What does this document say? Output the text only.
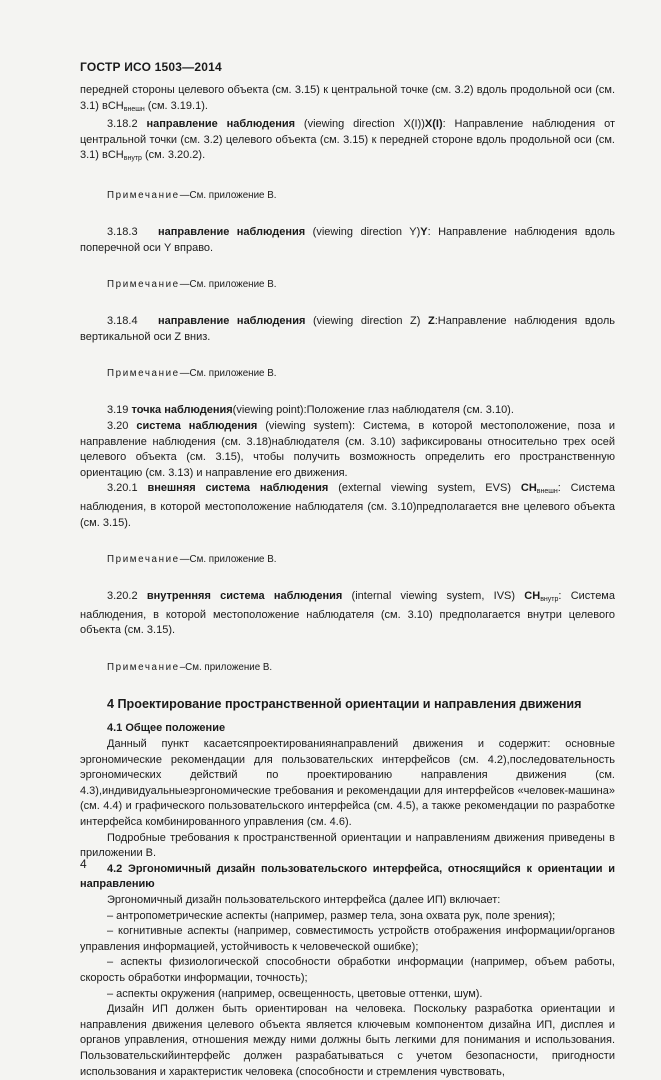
ГОСТР ИСО 1503—2014

передней стороны целевого объекта (см. 3.15) к центральной точке (см. 3.2) вдоль продольной оси (см. 3.1) вСН$_{внешн}$ (см. 3.19.1).

3.18.2 направление наблюдения (viewing direction X(I))X(I): Направление наблюдения от центральной точки (см. 3.2) целевого объекта (см. 3.15) к передней стороне вдоль продольной оси (см. 3.1) вСН$_{внутр}$ (см. 3.20.2).

Примечание—См. приложение В.

3.18.3 направление наблюдения (viewing direction Y)Y: Направление наблюдения вдоль поперечной оси Y вправо.

Примечание—См. приложение В.

3.18.4 направление наблюдения (viewing direction Z) Z:Направление наблюдения вдоль вертикальной оси Z вниз.

Примечание—См. приложение В.

3.19 точка наблюдения(viewing point):Положение глаз наблюдателя (см. 3.10).

3.20 система наблюдения (viewing system): Система, в которой местоположение, поза и направление наблюдения (см. 3.18)наблюдателя (см. 3.10) зафиксированы относительно трех осей целевого объекта (см. 3.15), чтобы получить возможность определить его пространственную ориентацию (см. 3.13) и направление его движения.

3.20.1 внешняя система наблюдения (external viewing system, EVS) $СН_{внешн}$: Система наблюдения, в которой местоположение наблюдателя (см. 3.10)предполагается вне целевого объекта (см. 3.15).

Примечание—См. приложение В.

3.20.2 внутренняя система наблюдения (internal viewing system, IVS) $СН_{внутр}$: Система наблюдения, в которой местоположение наблюдателя (см. 3.10) предполагается внутри целевого объекта (см. 3.15).

Примечание–См. приложение В.

4 Проектирование пространственной ориентации и направления движения

4.1 Общее положение

Данный пункт касаетсяпроектированиянаправлений движения и содержит: основные эргономические рекомендации для пользовательских интерфейсов (см. 4.2),последовательность эргономических действий по проектированию направления движения (см. 4.3),индивидуальныеэргономические требования и рекомендации для интерфейсов «человек-машина» (см. 4.4) и графического пользовательского интерфейса (см. 4.5), а также рекомендации по разработке интерфейса комбинированного управления (см. 4.6).

Подробные требования к пространственной ориентации и направлениям движения приведены в приложении В.

4.2 Эргономичный дизайн пользовательского интерфейса, относящийся к ориентации и направлению

Эргономичный дизайн пользовательского интерфейса (далее ИП) включает:

– антропометрические аспекты (например, размер тела, зона охвата рук, поле зрения);

– когнитивные аспекты (например, совместимость устройств отображения информации/органов управления информацией, устойчивость к человеческой ошибке);

– аспекты физиологической способности обработки информации (например, объем работы, скорость обработки информации, точность);

– аспекты окружения (например, освещенность, цветовые оттенки, шум).

Дизайн ИП должен быть ориентирован на человека. Поскольку разработка ориентации и направления движения целевого объекта является ключевым компонентом дизайна ИП, дисплея и органов управления, отношения между ними должны быть легкими для понимания и использования. Пользовательскийинтерфейс должен разрабатываться с учетом безопасности, пригодности использования и характеристик человека (способности и стремления чувствовать,

4
